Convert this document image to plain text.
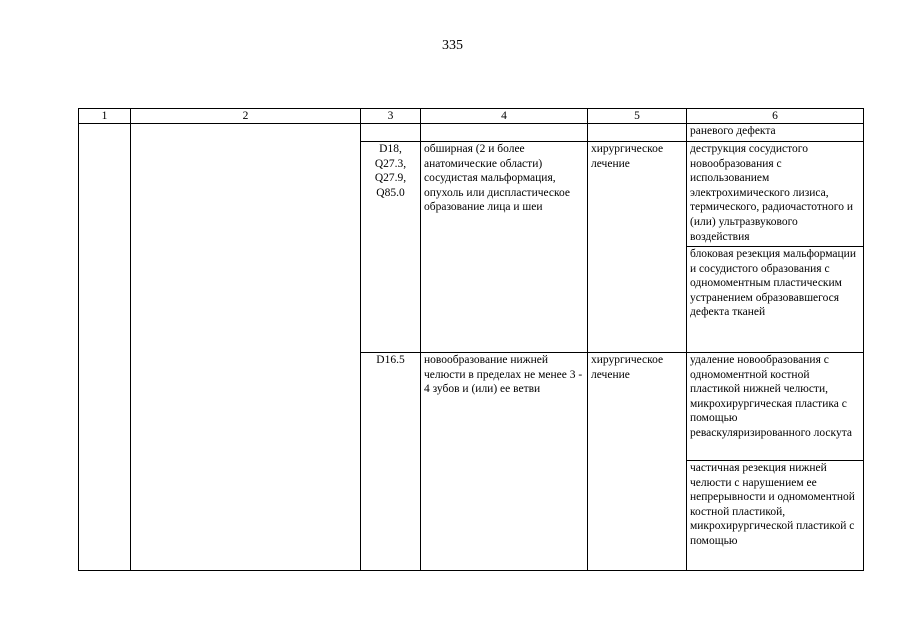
335
1	2	3	4	5	6
					раневого дефекта
		D18,
Q27.3,
Q27.9,
Q85.0	обширная (2 и более анатомические области) сосудистая мальформация, опухоль или диспластическое образование лица и шеи	хирургическое лечение	деструкция сосудистого новообразования с использованием электрохимического лизиса, термического, радиочастотного и (или) ультразвукового воздействия
					блоковая резекция мальформации и сосудистого образования с одномоментным пластическим устранением образовавшегося дефекта тканей
		D16.5	новообразование нижней челюсти в пределах не менее 3 - 4 зубов и (или) ее ветви	хирургическое лечение	удаление новообразования с одномоментной костной пластикой нижней челюсти, микрохирургическая пластика с помощью реваскуляризированного лоскута
					частичная резекция нижней челюсти с нарушением ее непрерывности и одномоментной костной пластикой, микрохирургической пластикой с помощью
